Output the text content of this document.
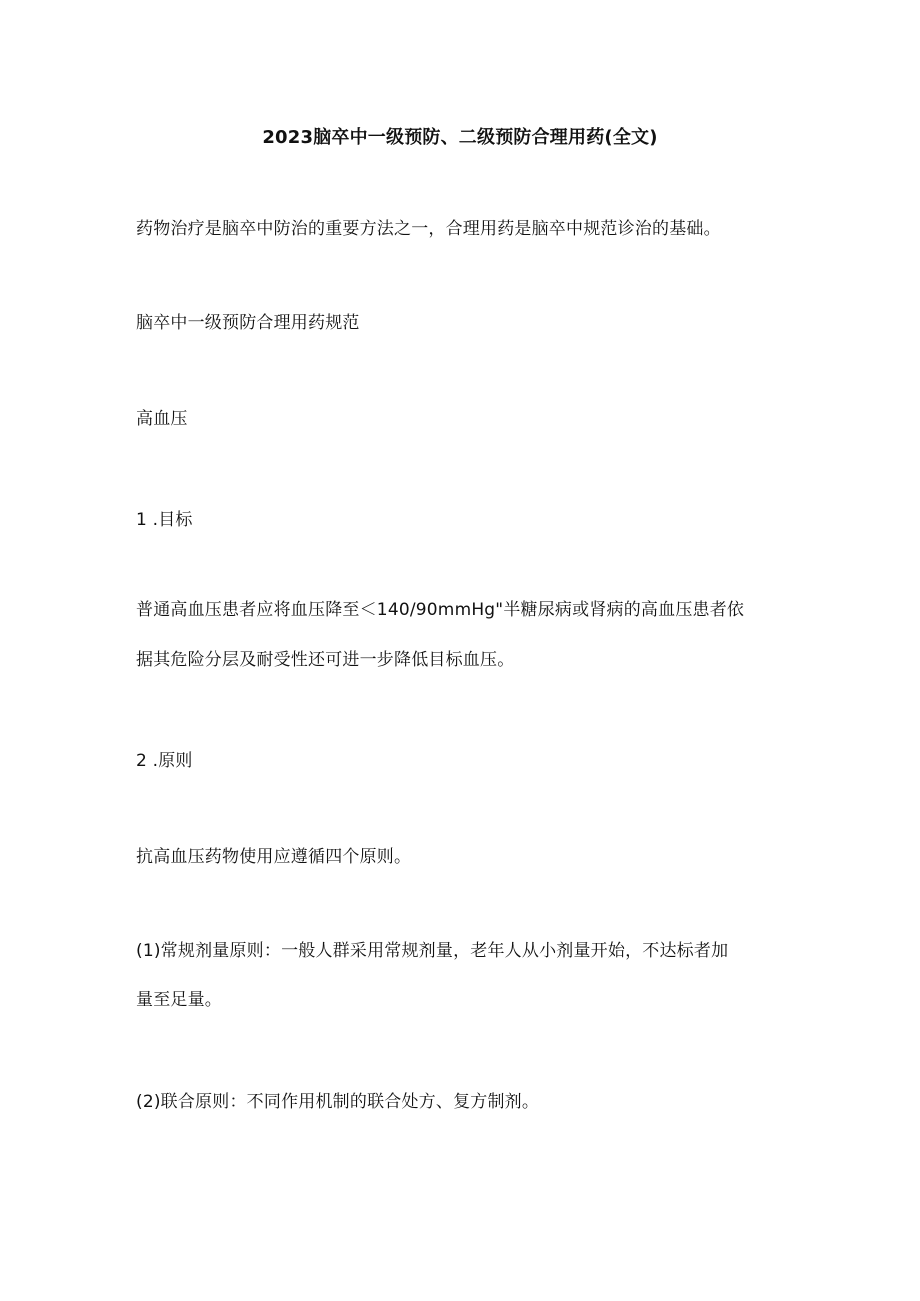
2023脑卒中一级预防、二级预防合理用药(全文)
药物治疗是脑卒中防治的重要方法之一，合理用药是脑卒中规范诊治的基础。
脑卒中一级预防合理用药规范
高血压
1 .目标
普通高血压患者应将血压降至＜140/90mmHg"半糖尿病或肾病的高血压患者依
据其危险分层及耐受性还可进一步降低目标血压。
2 .原则
抗高血压药物使用应遵循四个原则。
(1)常规剂量原则：一般人群采用常规剂量，老年人从小剂量开始，不达标者加
量至足量。
(2)联合原则：不同作用机制的联合处方、复方制剂。
